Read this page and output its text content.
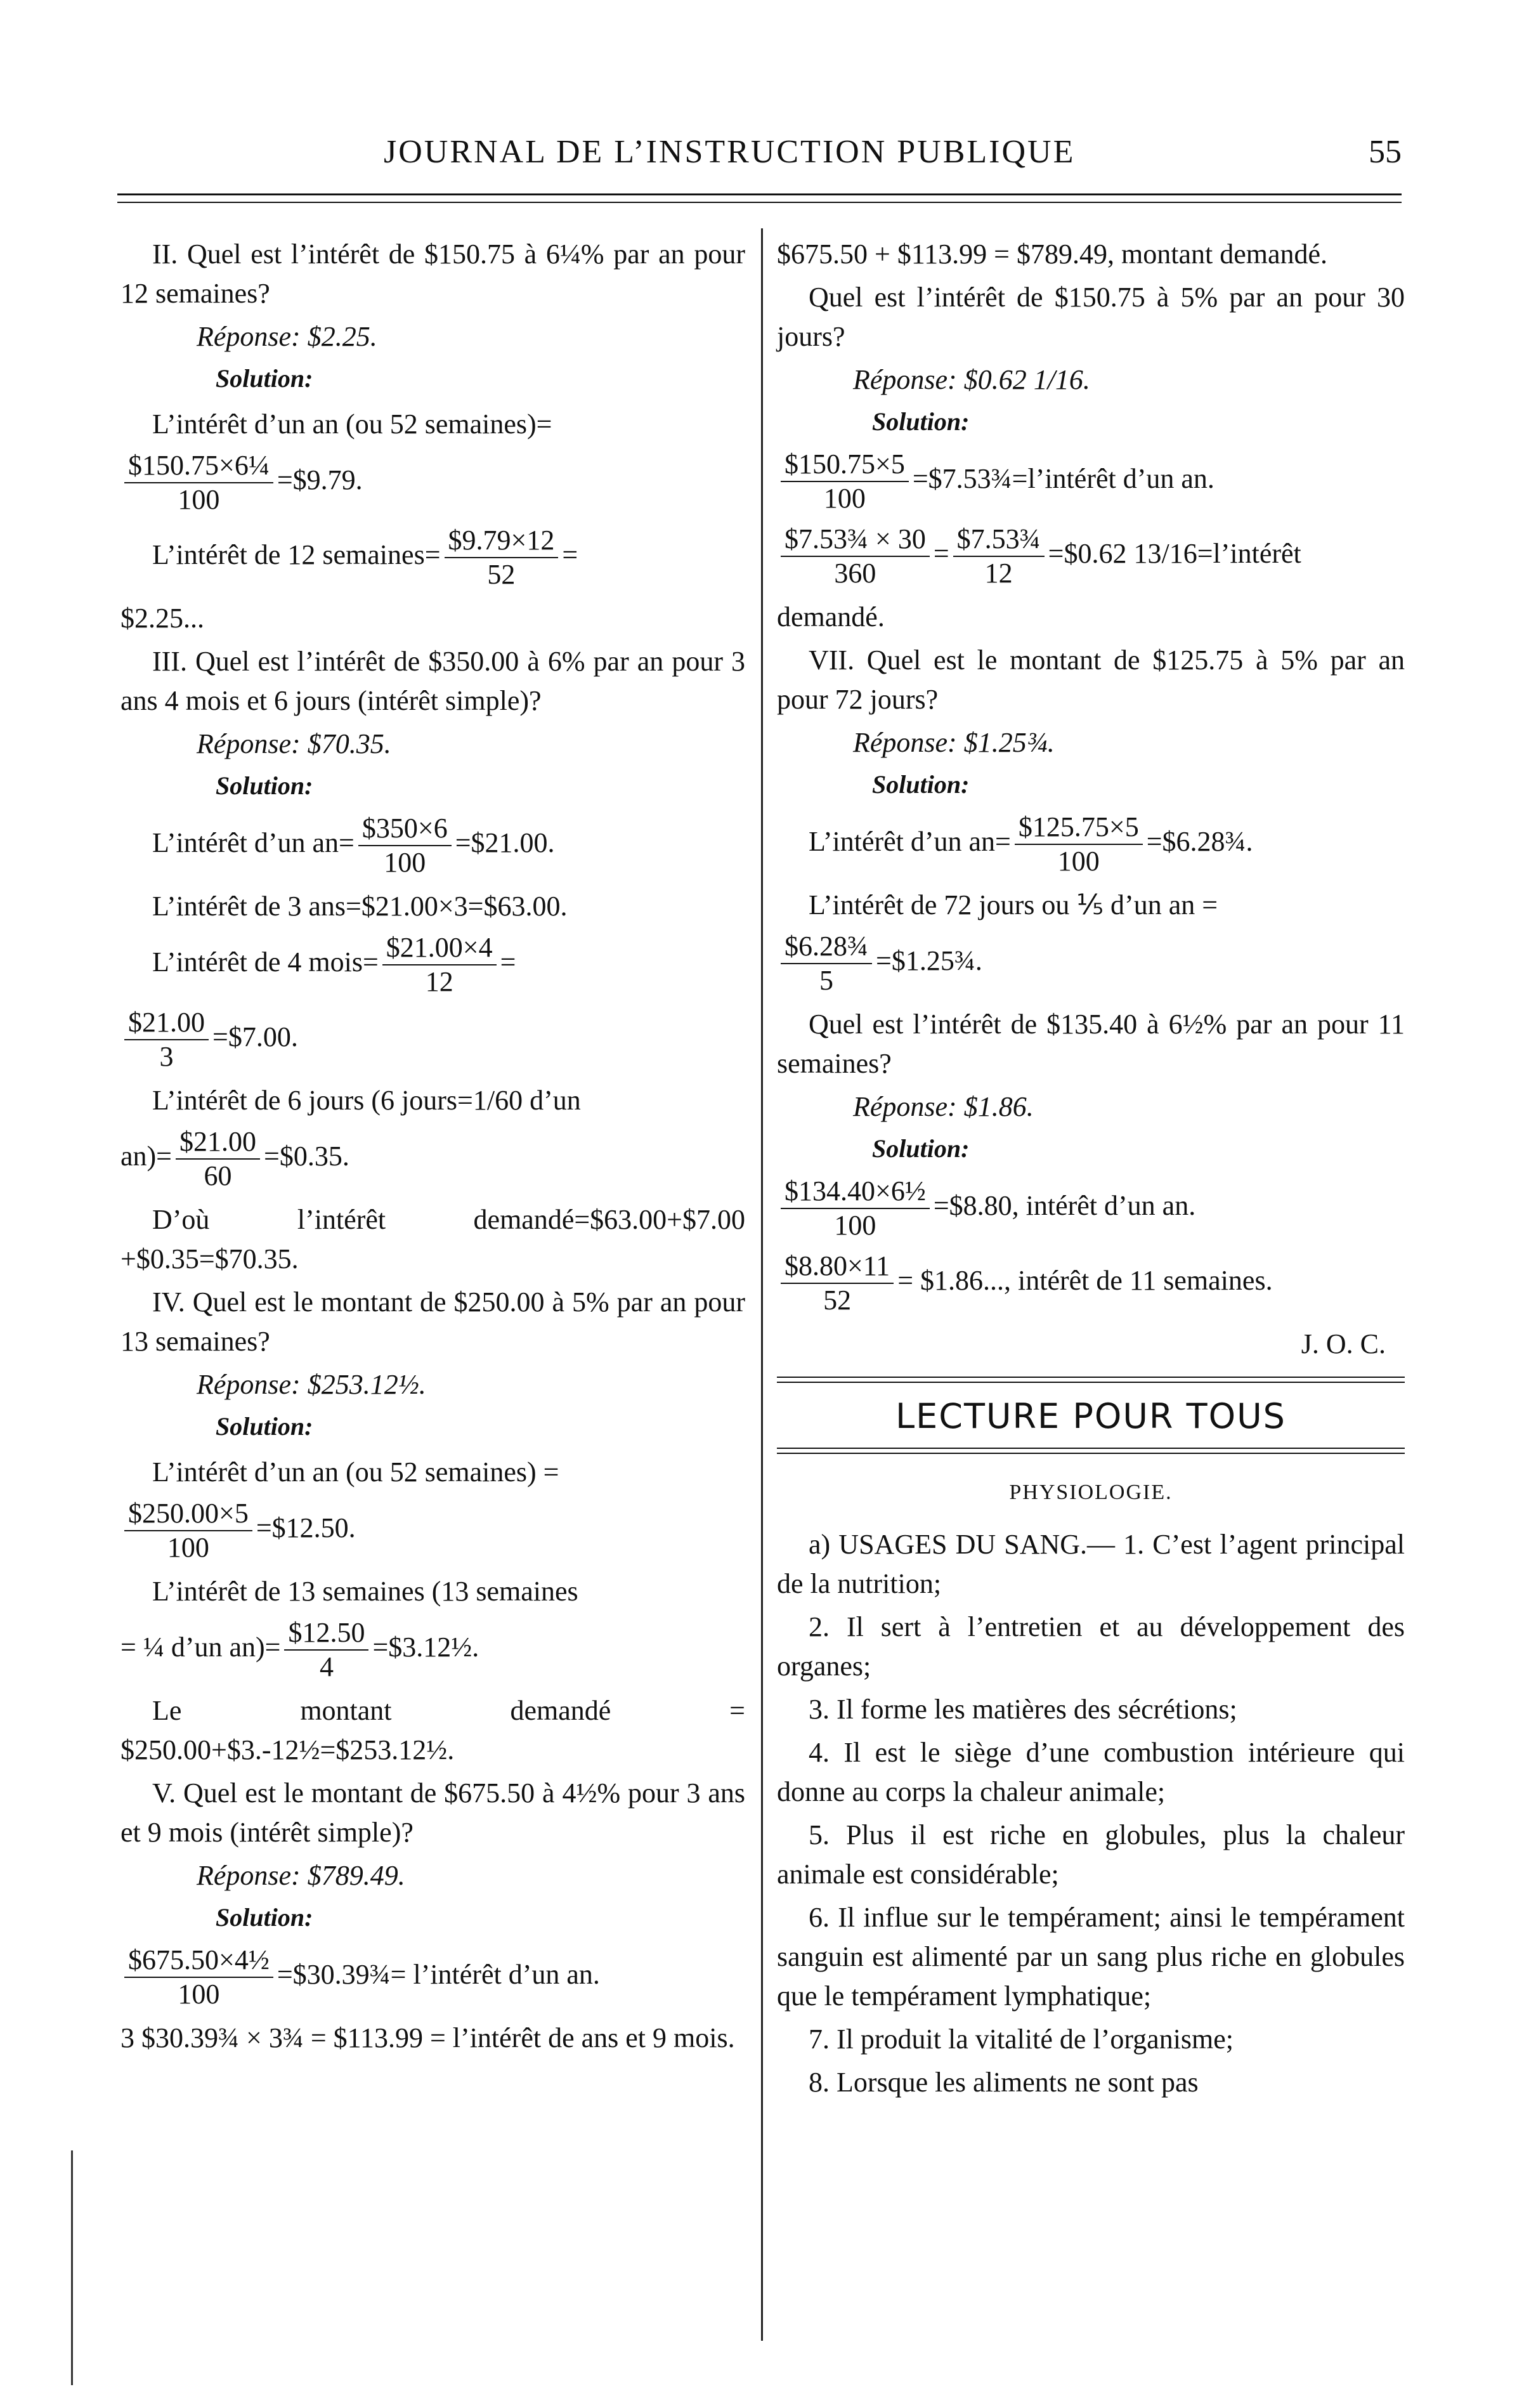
JOURNAL DE L’INSTRUCTION PUBLIQUE	55

II. Quel est l’intérêt de $150.75 à 6¼% par an pour 12 semaines?

Réponse: $2.25.

Solution:

L’intérêt d’un an (ou 52 semaines)=

$\frac{\text{\$150.75×6¼}}{100}$ =$9.79.
L’intérêt de 12 semaines= $\frac{\$9.79\times 12}{52}$ =

$2.25...

III. Quel est l’intérêt de $350.00 à 6% par an pour 3 ans 4 mois et 6 jours (intérêt simple)?

Réponse: $70.35.

Solution:

L’intérêt d’un $an= \frac{\$350\times 6}{100}$ =$21.00.

L’intérêt de 3 ans=$21.00×3=$63.00.

L’intérêt de 4 mois= $\frac{\$21.00\times 4}{12}$ =
$\frac{\$21.00}{3}$ =$7.00.

L’intérêt de 6 jours (6 jours=1/60 d’un

$an)= \frac{\$21.00}{60}$ =$0.35.

D’où l’intérêt demandé=$63.00+$7.00 +$0.35=$70.35.

IV. Quel est le montant de $250.00 à 5% par an pour 13 semaines?

Réponse: $253.12½.

Solution:

L’intérêt d’un an (ou 52 semaines) =

$\frac{\$250.00\times 5}{100}$ =$12.50.

L’intérêt de 13 semaines (13 semaines

= ¼ d’un $an)= \frac{\$12.50}{4}$ =$3.12½.

Le montant demandé = $250.00+$3.-12½=$253.12½.

V. Quel est le montant de $675.50 à 4½% pour 3 ans et 9 mois (intérêt simple)?

Réponse: $789.49.

Solution:

$\frac{\text{\$675.50×4½}}{100}$ =$30.39¾= l’intérêt d’un an.

3 $30.39¾ × 3¾ = $113.99 = l’intérêt de ans et 9 mois.

$675.50 + $113.99 = $789.49, montant demandé.

Quel est l’intérêt de $150.75 à 5% par an pour 30 jours?

Réponse: $0.62 1/16.

Solution:

$\frac{\$150.75\times 5}{100}$ =$7.53¾=l’intérêt d’un an.
$\frac{\text{\$7.53¾ × 30}}{360} = \frac{\text{\$7.53¾}}{12}$ =$0.62 13/16=l’intérêt

demandé.

VII. Quel est le montant de $125.75 à 5% par an pour 72 jours?

Réponse: $1.25¾.

Solution:

L’intérêt d’un $an= \frac{\$125.75\times 5}{100}$ =$6.28¾.

L’intérêt de 72 jours ou ⅕ d’un an =

$\frac{\text{\$6.28¾}}{5}$ =$1.25¾.

Quel est l’intérêt de $135.40 à 6½% par an pour 11 semaines?

Réponse: $1.86.

Solution:

$\frac{\text{\$134.40×6½}}{100}$ =$8.80, intérêt d’un an.
$\frac{\$8.80\times 11}{52}$ = $1.86..., intérêt de 11 semaines.

J. O. C.

LECTURE POUR TOUS
PHYSIOLOGIE.

a) USAGES DU SANG.— 1. C’est l’agent principal de la nutrition;

2. Il sert à l’entretien et au développement des organes;

3. Il forme les matières des sécrétions;

4. Il est le siège d’une combustion intérieure qui donne au corps la chaleur animale;

5. Plus il est riche en globules, plus la chaleur animale est considérable;

6. Il influe sur le tempérament; ainsi le tempérament sanguin est alimenté par un sang plus riche en globules que le tempérament lymphatique;

7. Il produit la vitalité de l’organisme;

8. Lorsque les aliments ne sont pas
